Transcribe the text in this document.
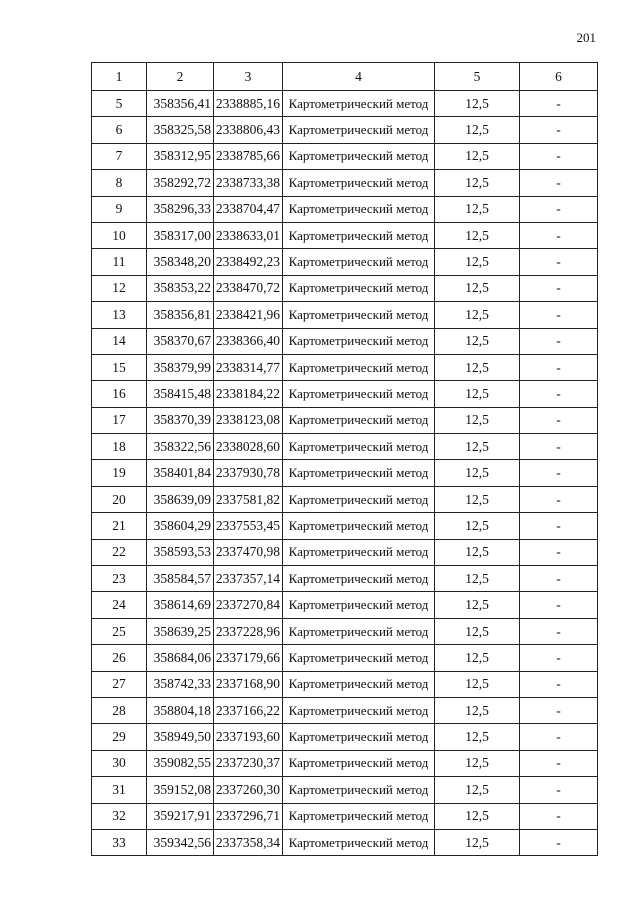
201
1	2	3	4	5	6
5	358356,41	2338885,16	Картометрический метод	12,5	-
6	358325,58	2338806,43	Картометрический метод	12,5	-
7	358312,95	2338785,66	Картометрический метод	12,5	-
8	358292,72	2338733,38	Картометрический метод	12,5	-
9	358296,33	2338704,47	Картометрический метод	12,5	-
10	358317,00	2338633,01	Картометрический метод	12,5	-
11	358348,20	2338492,23	Картометрический метод	12,5	-
12	358353,22	2338470,72	Картометрический метод	12,5	-
13	358356,81	2338421,96	Картометрический метод	12,5	-
14	358370,67	2338366,40	Картометрический метод	12,5	-
15	358379,99	2338314,77	Картометрический метод	12,5	-
16	358415,48	2338184,22	Картометрический метод	12,5	-
17	358370,39	2338123,08	Картометрический метод	12,5	-
18	358322,56	2338028,60	Картометрический метод	12,5	-
19	358401,84	2337930,78	Картометрический метод	12,5	-
20	358639,09	2337581,82	Картометрический метод	12,5	-
21	358604,29	2337553,45	Картометрический метод	12,5	-
22	358593,53	2337470,98	Картометрический метод	12,5	-
23	358584,57	2337357,14	Картометрический метод	12,5	-
24	358614,69	2337270,84	Картометрический метод	12,5	-
25	358639,25	2337228,96	Картометрический метод	12,5	-
26	358684,06	2337179,66	Картометрический метод	12,5	-
27	358742,33	2337168,90	Картометрический метод	12,5	-
28	358804,18	2337166,22	Картометрический метод	12,5	-
29	358949,50	2337193,60	Картометрический метод	12,5	-
30	359082,55	2337230,37	Картометрический метод	12,5	-
31	359152,08	2337260,30	Картометрический метод	12,5	-
32	359217,91	2337296,71	Картометрический метод	12,5	-
33	359342,56	2337358,34	Картометрический метод	12,5	-
